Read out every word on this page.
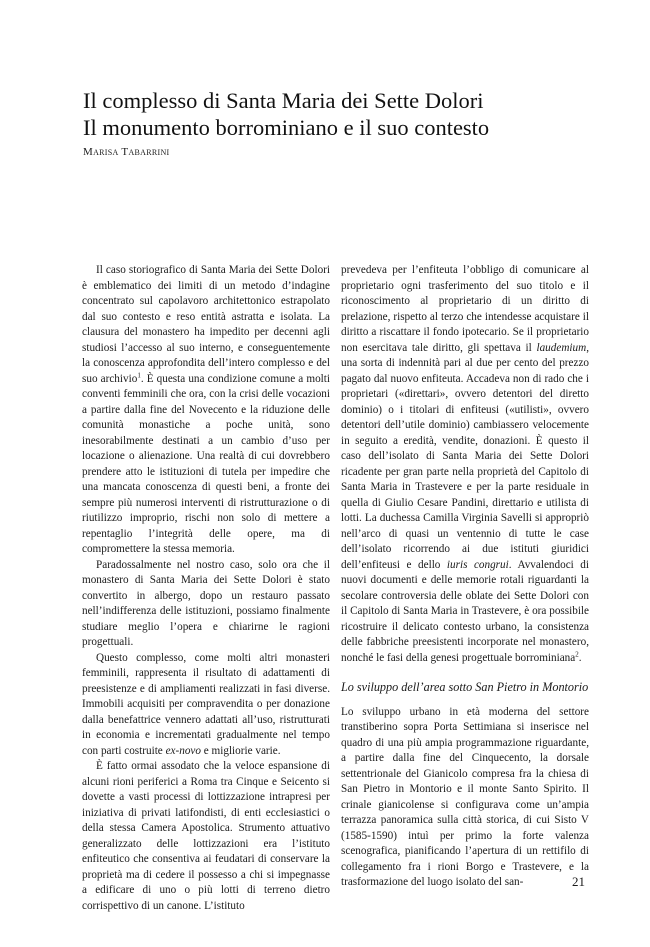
Il complesso di Santa Maria dei Sette Dolori
Il monumento borrominiano e il suo contesto
Marisa Tabarrini

Il caso storiografico di Santa Maria dei Sette Dolori è emblematico dei limiti di un metodo d’indagine concentrato sul capolavoro architettonico estrapolato dal suo contesto e reso entità astratta e isolata. La clausura del monastero ha impedito per decenni agli studiosi l’accesso al suo interno, e conseguentemente la conoscenza approfondita dell’intero complesso e del suo archivio$^1$. È questa una condizione comune a molti conventi femminili che ora, con la crisi delle vocazioni a partire dalla fine del Novecento e la riduzione delle comunità monastiche a poche unità, sono inesorabilmente destinati a un cambio d’uso per locazione o alienazione. Una realtà di cui dovrebbero prendere atto le istituzioni di tutela per impedire che una mancata conoscenza di questi beni, a fronte dei sempre più numerosi interventi di ristrutturazione o di riutilizzo improprio, rischi non solo di mettere a repentaglio l’integrità delle opere, ma di compromettere la stessa memoria.

Paradossalmente nel nostro caso, solo ora che il monastero di Santa Maria dei Sette Dolori è stato convertito in albergo, dopo un restauro passato nell’indifferenza delle istituzioni, possiamo finalmente studiare meglio l’opera e chiarirne le ragioni progettuali.

Questo complesso, come molti altri monasteri femminili, rappresenta il risultato di adattamenti di preesistenze e di ampliamenti realizzati in fasi diverse. Immobili acquisiti per compravendita o per donazione dalla benefattrice vennero adattati all’uso, ristrutturati in economia e incrementati gradualmente nel tempo con parti costruite ex-novo e migliorie varie.

È fatto ormai assodato che la veloce espansione di alcuni rioni periferici a Roma tra Cinque e Seicento si dovette a vasti processi di lottizzazione intrapresi per iniziativa di privati latifondisti, di enti ecclesiastici o della stessa Camera Apostolica. Strumento attuativo generalizzato delle lottizzazioni era l’istituto enfiteutico che consentiva ai feudatari di conservare la proprietà ma di cedere il possesso a chi si impegnasse a edificare di uno o più lotti di terreno dietro corrispettivo di un canone. L’istituto

prevedeva per l’enfiteuta l’obbligo di comunicare al proprietario ogni trasferimento del suo titolo e il riconoscimento al proprietario di un diritto di prelazione, rispetto al terzo che intendesse acquistare il diritto a riscattare il fondo ipotecario. Se il proprietario non esercitava tale diritto, gli spettava il laudemium, una sorta di indennità pari al due per cento del prezzo pagato dal nuovo enfiteuta. Accadeva non di rado che i proprietari («direttari», ovvero detentori del diretto dominio) o i titolari di enfiteusi («utilisti», ovvero detentori dell’utile dominio) cambiassero velocemente in seguito a eredità, vendite, donazioni. È questo il caso dell’isolato di Santa Maria dei Sette Dolori ricadente per gran parte nella proprietà del Capitolo di Santa Maria in Trastevere e per la parte residuale in quella di Giulio Cesare Pandini, direttario e utilista di lotti. La duchessa Camilla Virginia Savelli si appropriò nell’arco di quasi un ventennio di tutte le case dell’isolato ricorrendo ai due istituti giuridici dell’enfiteusi e dello iuris congrui. Avvalendoci di nuovi documenti e delle memorie rotali riguardanti la secolare controversia delle oblate dei Sette Dolori con il Capitolo di Santa Maria in Trastevere, è ora possibile ricostruire il delicato contesto urbano, la consistenza delle fabbriche preesistenti incorporate nel monastero, nonché le fasi della genesi progettuale borrominiana$^2$.

Lo sviluppo dell’area sotto San Pietro in Montorio

Lo sviluppo urbano in età moderna del settore transtiberino sopra Porta Settimiana si inserisce nel quadro di una più ampia programmazione riguardante, a partire dalla fine del Cinquecento, la dorsale settentrionale del Gianicolo compresa fra la chiesa di San Pietro in Montorio e il monte Santo Spirito. Il crinale gianicolense si configurava come un’ampia terrazza panoramica sulla città storica, di cui Sisto V (1585-1590) intuì per primo la forte valenza scenografica, pianificando l’apertura di un rettifilo di collegamento fra i rioni Borgo e Trastevere, e la trasformazione del luogo isolato del san-	21
